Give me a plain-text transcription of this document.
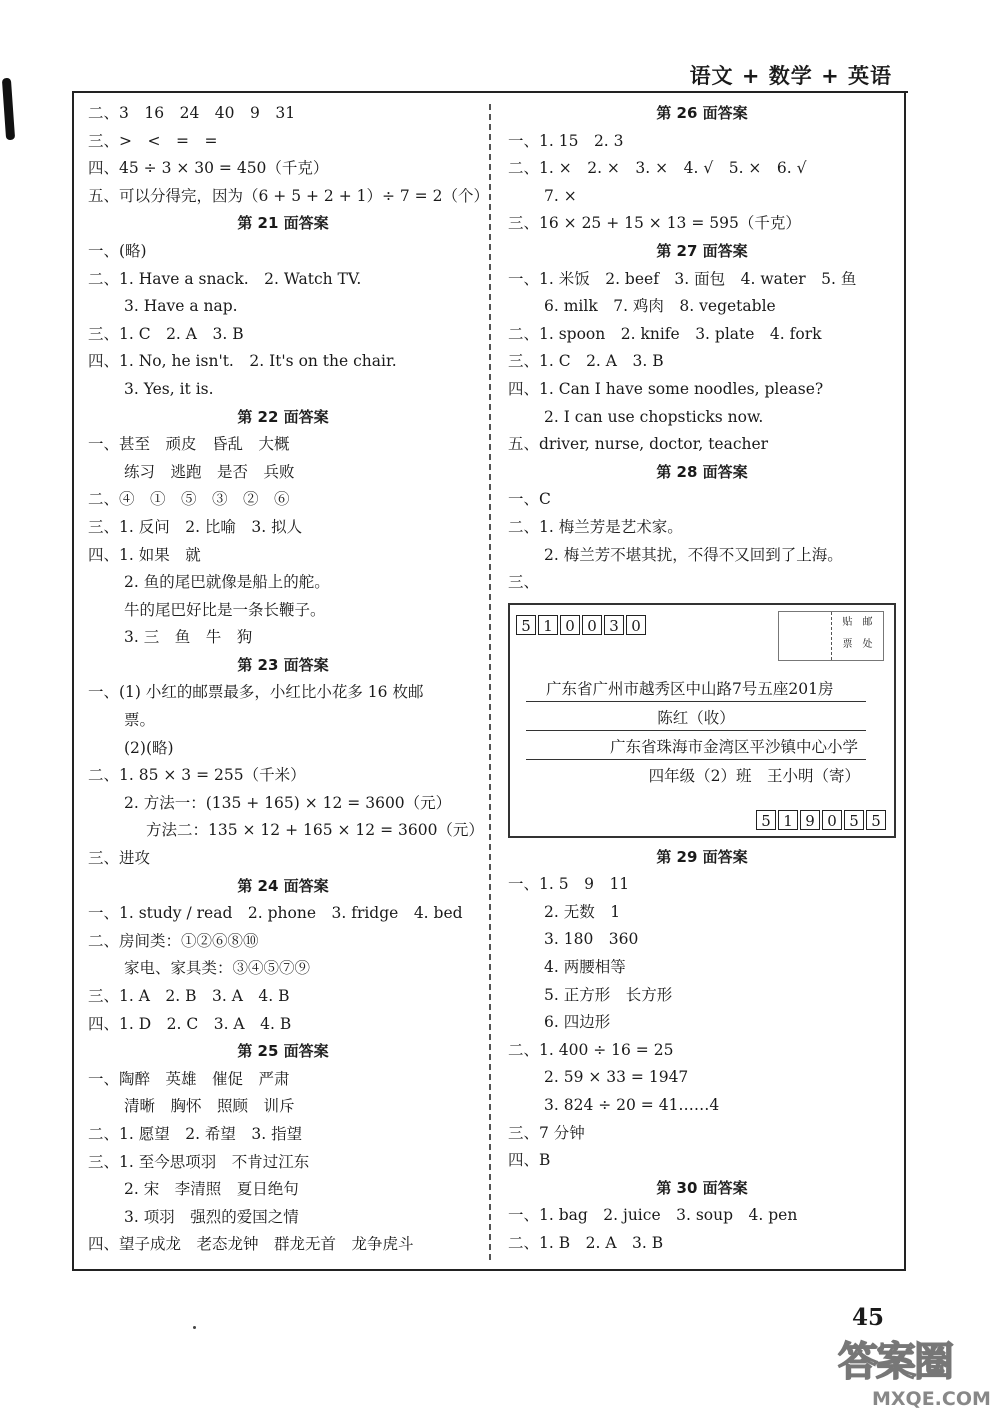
语文 + 数学 + 英语
二、3　16　24　40　9　31
三、>　<　=　=
四、45 ÷ 3 × 30 = 450（千克）
五、可以分得完，因为（6 + 5 + 2 + 1）÷ 7 = 2（个）
第 21 面答案
一、(略)
二、1. Have a snack.　2. Watch TV.
3. Have a nap.
三、1. C　2. A　3. B
四、1. No, he isn't.　2. It's on the chair.
3. Yes, it is.
第 22 面答案
一、甚至　顽皮　昏乱　大概
练习　逃跑　是否　兵败
二、④　①　⑤　③　②　⑥
三、1. 反问　2. 比喻　3. 拟人
四、1. 如果　就
2. 鱼的尾巴就像是船上的舵。
牛的尾巴好比是一条长鞭子。
3. 三　鱼　牛　狗
第 23 面答案
一、(1) 小红的邮票最多，小红比小花多 16 枚邮
票。
(2)(略)
二、1. 85 × 3 = 255（千米）
2. 方法一：(135 + 165) × 12 = 3600（元）
方法二：135 × 12 + 165 × 12 = 3600（元）
三、进攻
第 24 面答案
一、1. study / read　2. phone　3. fridge　4. bed
二、房间类：①②⑥⑧⑩
家电、家具类：③④⑤⑦⑨
三、1. A　2. B　3. A　4. B
四、1. D　2. C　3. A　4. B
第 25 面答案
一、陶醉　英雄　催促　严肃
清晰　胸怀　照顾　训斥
二、1. 愿望　2. 希望　3. 指望
三、1. 至今思项羽　不肯过江东
2. 宋　李清照　夏日绝句
3. 项羽　强烈的爱国之情
四、望子成龙　老态龙钟　群龙无首　龙争虎斗
第 26 面答案
一、1. 15　2. 3
二、1. ×　2. ×　3. ×　4. √　5. ×　6. √
7. ×
三、16 × 25 + 15 × 13 = 595（千克）
第 27 面答案
一、1. 米饭　2. beef　3. 面包　4. water　5. 鱼
6. milk　7. 鸡肉　8. vegetable
二、1. spoon　2. knife　3. plate　4. fork
三、1. C　2. A　3. B
四、1. Can I have some noodles, please?
2. I can use chopsticks now.
五、driver, nurse, doctor, teacher
第 28 面答案
一、C
二、1. 梅兰芳是艺术家。
2. 梅兰芳不堪其扰，不得不又回到了上海。
三、
5 1 0 0 3 0	贴　邮
票　处
广东省广州市越秀区中山路7号五座201房
陈红（收）
广东省珠海市金湾区平沙镇中心小学
四年级（2）班　王小明（寄）
5 1 9 0 5 5
第 29 面答案
一、1. 5　9　11
2. 无数　1
3. 180　360
4. 两腰相等
5. 正方形　长方形
6. 四边形
二、1. 400 ÷ 16 = 25
2. 59 × 33 = 1947
3. 824 ÷ 20 = 41……4
三、7 分钟
四、B
第 30 面答案
一、1. bag　2. juice　3. soup　4. pen
二、1. B　2. A　3. B
45
答案圈
MXQE.COM
